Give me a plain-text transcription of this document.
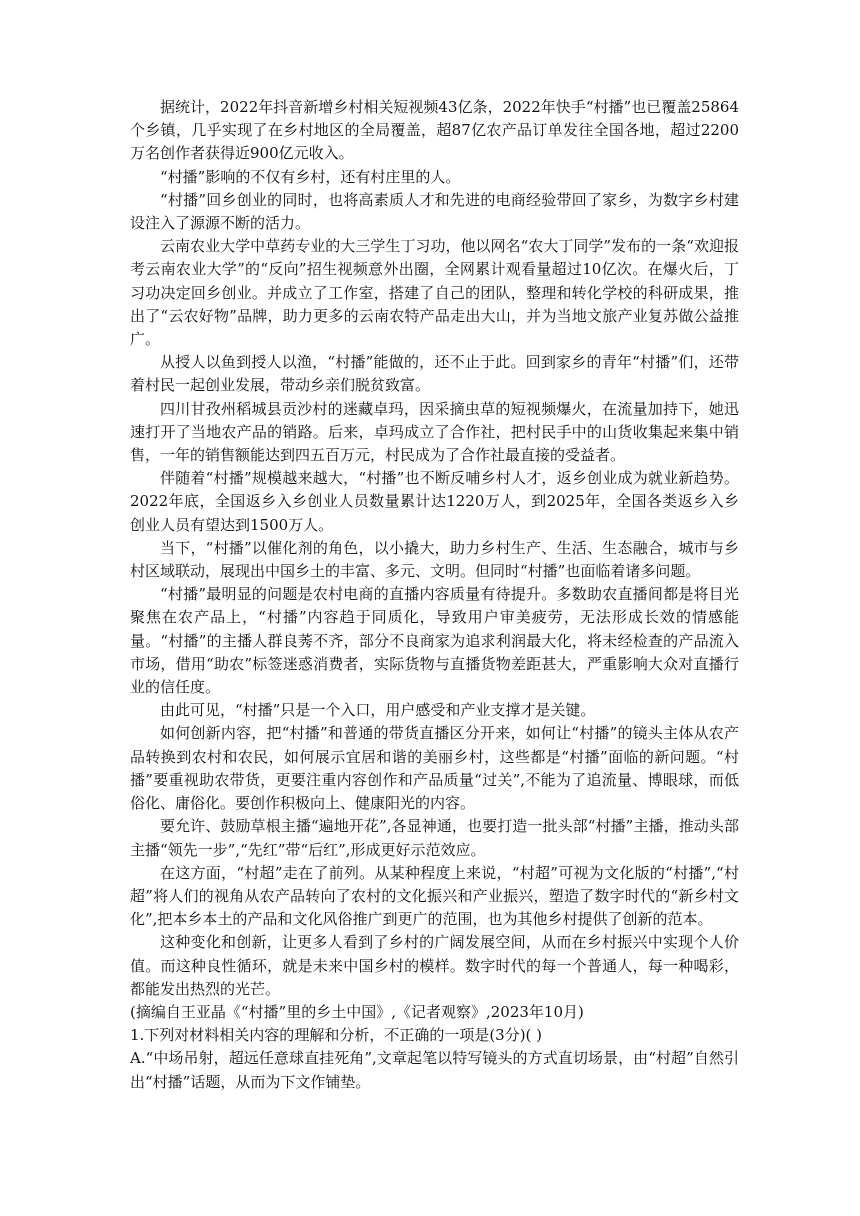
据统计，2022年抖音新增乡村相关短视频43亿条，2022年快手“村播”也已覆盖25864个乡镇，几乎实现了在乡村地区的全局覆盖，超87亿农产品订单发往全国各地，超过2200万名创作者获得近900亿元收入。

“村播”影响的不仅有乡村，还有村庄里的人。

“村播”回乡创业的同时，也将高素质人才和先进的电商经验带回了家乡，为数字乡村建设注入了源源不断的活力。

云南农业大学中草药专业的大三学生丁习功，他以网名“农大丁同学”发布的一条“欢迎报考云南农业大学”的“反向”招生视频意外出圈，全网累计观看量超过10亿次。在爆火后，丁习功决定回乡创业。并成立了工作室，搭建了自己的团队，整理和转化学校的科研成果，推出了“云农好物”品牌，助力更多的云南农特产品走出大山，并为当地文旅产业复苏做公益推广。

从授人以鱼到授人以渔，“村播”能做的，还不止于此。回到家乡的青年“村播”们，还带着村民一起创业发展，带动乡亲们脱贫致富。

四川甘孜州稻城县贡沙村的迷藏卓玛，因采摘虫草的短视频爆火，在流量加持下，她迅速打开了当地农产品的销路。后来，卓玛成立了合作社，把村民手中的山货收集起来集中销售，一年的销售额能达到四五百万元，村民成为了合作社最直接的受益者。

伴随着“村播”规模越来越大，“村播”也不断反哺乡村人才，返乡创业成为就业新趋势。2022年底，全国返乡入乡创业人员数量累计达1220万人，到2025年，全国各类返乡入乡创业人员有望达到1500万人。

当下，“村播”以催化剂的角色，以小撬大，助力乡村生产、生活、生态融合，城市与乡村区域联动，展现出中国乡土的丰富、多元、文明。但同时“村播”也面临着诸多问题。

“村播”最明显的问题是农村电商的直播内容质量有待提升。多数助农直播间都是将目光聚焦在农产品上，“村播”内容趋于同质化，导致用户审美疲劳，无法形成长效的情感能量。“村播”的主播人群良莠不齐，部分不良商家为追求利润最大化，将未经检查的产品流入市场，借用“助农”标签迷惑消费者，实际货物与直播货物差距甚大，严重影响大众对直播行业的信任度。

由此可见，“村播”只是一个入口，用户感受和产业支撑才是关键。

如何创新内容，把“村播”和普通的带货直播区分开来，如何让“村播”的镜头主体从农产品转换到农村和农民，如何展示宜居和谐的美丽乡村，这些都是“村播”面临的新问题。“村播”要重视助农带货，更要注重内容创作和产品质量“过关”,不能为了追流量、博眼球，而低俗化、庸俗化。要创作积极向上、健康阳光的内容。

要允许、鼓励草根主播“遍地开花”,各显神通，也要打造一批头部“村播”主播，推动头部主播“领先一步”,“先红”带“后红”,形成更好示范效应。

在这方面，“村超”走在了前列。从某种程度上来说，“村超”可视为文化版的“村播”,“村超”将人们的视角从农产品转向了农村的文化振兴和产业振兴，塑造了数字时代的“新乡村文化”,把本乡本土的产品和文化风俗推广到更广的范围，也为其他乡村提供了创新的范本。

这种变化和创新，让更多人看到了乡村的广阔发展空间，从而在乡村振兴中实现个人价值。而这种良性循环，就是未来中国乡村的模样。数字时代的每一个普通人，每一种喝彩，都能发出热烈的光芒。

(摘编自王亚晶《“村播”里的乡土中国》,《记者观察》,2023年10月)

1.下列对材料相关内容的理解和分析，不正确的一项是(3分)( )

A.“中场吊射，超远任意球直挂死角”,文章起笔以特写镜头的方式直切场景，由“村超”自然引出“村播”话题，从而为下文作铺垫。
